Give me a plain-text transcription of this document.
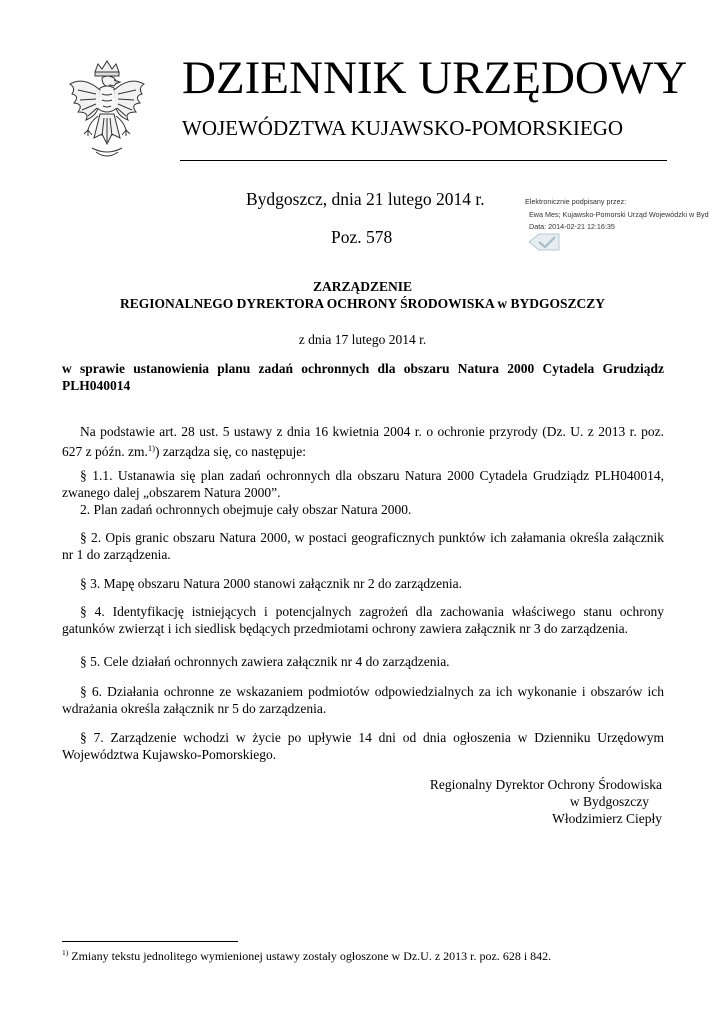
DZIENNIK URZĘDOWY
WOJEWÓDZTWA KUJAWSKO-POMORSKIEGO
Bydgoszcz, dnia 21 lutego 2014 r.
Poz. 578
Elektronicznie podpisany przez:
Ewa Mes; Kujawsko-Pomorski Urząd Wojewódzki w Byd
Data: 2014-02-21 12:16:35
ZARZĄDZENIE
REGIONALNEGO DYREKTORA OCHRONY ŚRODOWISKA w BYDGOSZCZY
z dnia 17 lutego 2014 r.
w sprawie ustanowienia planu zadań ochronnych dla obszaru Natura 2000 Cytadela Grudziądz PLH040014
Na podstawie art. 28 ust. 5 ustawy z dnia 16 kwietnia 2004 r. o ochronie przyrody (Dz. U. z 2013 r. poz. 627 z późn. zm.$^{1)}$) zarządza się, co następuje:
§ 1.1. Ustanawia się plan zadań ochronnych dla obszaru Natura 2000 Cytadela Grudziądz PLH040014, zwanego dalej „obszarem Natura 2000”.
2. Plan zadań ochronnych obejmuje cały obszar Natura 2000.
§ 2. Opis granic obszaru Natura 2000, w postaci geograficznych punktów ich załamania określa załącznik nr 1 do zarządzenia.
§ 3. Mapę obszaru Natura 2000 stanowi załącznik nr 2 do zarządzenia.
§ 4. Identyfikację istniejących i potencjalnych zagrożeń dla zachowania właściwego stanu ochrony gatunków zwierząt i ich siedlisk będących przedmiotami ochrony zawiera załącznik nr 3 do zarządzenia.
§ 5. Cele działań ochronnych zawiera załącznik nr 4 do zarządzenia.
§ 6. Działania ochronne ze wskazaniem podmiotów odpowiedzialnych za ich wykonanie i obszarów ich wdrażania określa załącznik nr 5 do zarządzenia.
§ 7. Zarządzenie wchodzi w życie po upływie 14 dni od dnia ogłoszenia w Dzienniku Urzędowym Województwa Kujawsko-Pomorskiego.
Regionalny Dyrektor Ochrony Środowiska
w Bydgoszczy
Włodzimierz Ciepły
$^{1)}$ Zmiany tekstu jednolitego wymienionej ustawy zostały ogłoszone w Dz.U. z 2013 r. poz. 628 i 842.
